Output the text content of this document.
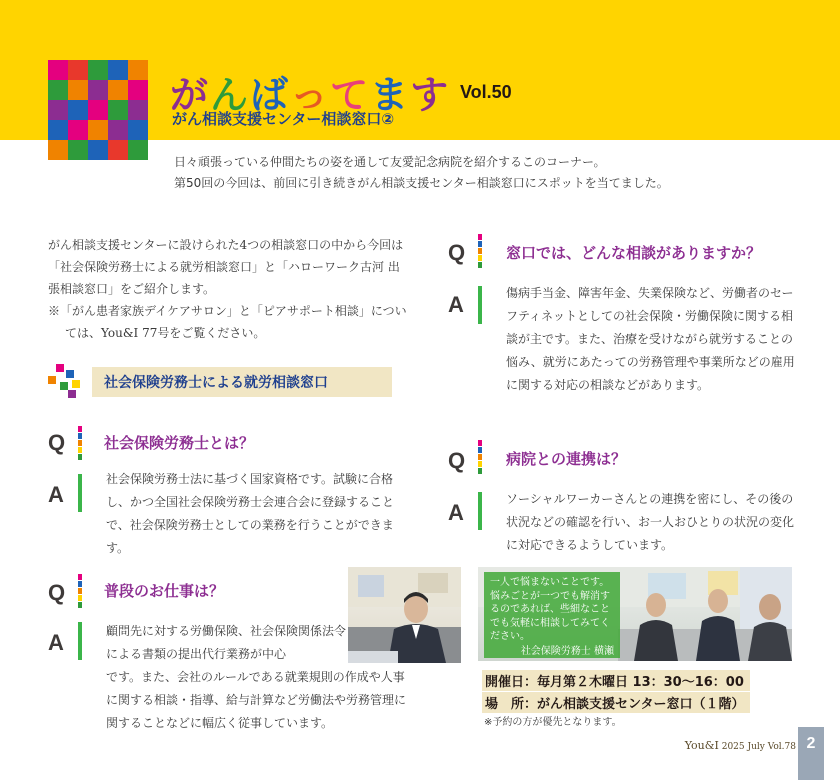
がんばってます Vol.50
がん相談支援センター相談窓口②
日々頑張っている仲間たちの姿を通して友愛記念病院を紹介するこのコーナー。
第50回の今回は、前回に引き続きがん相談支援センター相談窓口にスポットを当てました。

がん相談支援センターに設けられた4つの相談窓口の中から今回は「社会保険労務士による就労相談窓口」と「ハローワーク古河 出張相談窓口」をご紹介します。

※「がん患者家族デイケアサロン」と「ピアサポート相談」については、You&I 77号をご覧ください。

社会保険労務士による就労相談窓口
Q	社会保険労務士とは？
A
社会保険労務士法に基づく国家資格です。試験に合格し、かつ全国社会保険労務士会連合会に登録することで、社会保険労務士としての業務を行うことができます。
Q	普段のお仕事は？
A	顧問先に対する労働保険、社会保険関係法令による書類の提出代行業務が中心
です。また、会社のルールである就業規則の作成や人事に関する相談・指導、給与計算など労働法や労務管理に関することなどに幅広く従事しています。
Q	窓口では、どんな相談がありますか？
A	傷病手当金、障害年金、失業保険など、労働者のセーフティネットとしての社会保険・労働保険に関する相談が主です。また、治療を受けながら就労することの悩み、就労にあたっての労務管理や事業所などの雇用に関する対応の相談などがあります。
Q	病院との連携は？
A
ソーシャルワーカーさんとの連携を密にし、その後の状況などの確認を行い、お一人おひとりの状況の変化に対応できるようしています。
一人で悩まないことです。悩みごとが一つでも解消するのであれば、些細なことでも気軽に相談してみてください。
社会保険労務士 横瀬
開催日：毎月第２木曜日 13：30〜16：00
場　所：がん相談支援センター窓口（１階）
※予約の方が優先となります。
You&I 2025 July Vol.78 2
